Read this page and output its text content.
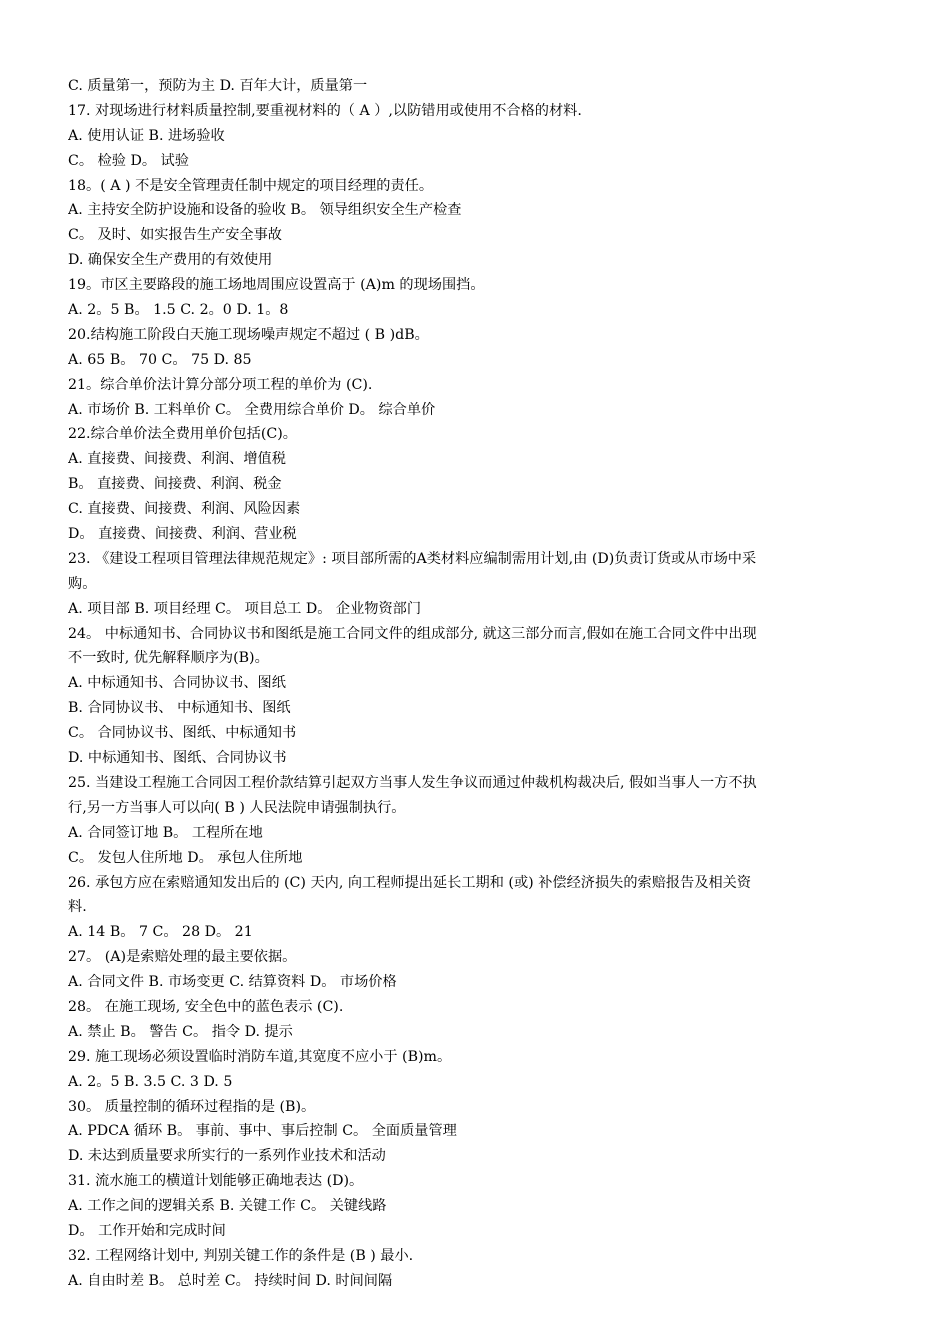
C. 质量第一，预防为主 D. 百年大计，质量第一
17. 对现场进行材料质量控制,要重视材料的（ A ）,以防错用或使用不合格的材料.
A. 使用认证 B. 进场验收
C。 检验 D。 试验
18。( A ) 不是安全管理责任制中规定的项目经理的责任。
A. 主持安全防护设施和设备的验收 B。 领导组织安全生产检查
C。 及时、如实报告生产安全事故
D. 确保安全生产费用的有效使用
19。市区主要路段的施工场地周围应设置高于 (A)m 的现场围挡。
A. 2。5 B。 1.5 C. 2。0 D. 1。8
20.结构施工阶段白天施工现场噪声规定不超过 ( B )dB。
A. 65 B。 70 C。 75 D. 85
21。综合单价法计算分部分项工程的单价为 (C).
A. 市场价 B. 工料单价 C。 全费用综合单价 D。 综合单价
22.综合单价法全费用单价包括(C)。
A. 直接费、间接费、利润、增值税
B。 直接费、间接费、利润、税金
C. 直接费、间接费、利润、风险因素
D。 直接费、间接费、利润、营业税
23. 《建设工程项目管理法律规范规定》: 项目部所需的A类材料应编制需用计划,由 (D)负责订货或从市场中采
购。
A. 项目部 B. 项目经理 C。 项目总工 D。 企业物资部门
24。 中标通知书、合同协议书和图纸是施工合同文件的组成部分, 就这三部分而言,假如在施工合同文件中出现
不一致时, 优先解释顺序为(B)。
A. 中标通知书、合同协议书、图纸
B. 合同协议书、 中标通知书、图纸
C。 合同协议书、图纸、中标通知书
D. 中标通知书、图纸、合同协议书
25. 当建设工程施工合同因工程价款结算引起双方当事人发生争议而通过仲裁机构裁决后, 假如当事人一方不执
行,另一方当事人可以向( B ) 人民法院申请强制执行。
A. 合同签订地 B。 工程所在地
C。 发包人住所地 D。 承包人住所地
26. 承包方应在索赔通知发出后的 (C) 天内, 向工程师提出延长工期和 (或) 补偿经济损失的索赔报告及相关资
料.
A. 14 B。 7 C。 28 D。 21
27。 (A)是索赔处理的最主要依据。
A. 合同文件 B. 市场变更 C. 结算资料 D。 市场价格
28。 在施工现场, 安全色中的蓝色表示 (C).
A. 禁止 B。 警告 C。 指令 D. 提示
29. 施工现场必须设置临时消防车道,其宽度不应小于 (B)m。
A. 2。5 B. 3.5 C. 3 D. 5
30。 质量控制的循环过程指的是 (B)。
A. PDCA 循环 B。 事前、事中、事后控制 C。 全面质量管理
D. 未达到质量要求所实行的一系列作业技术和活动
31. 流水施工的横道计划能够正确地表达 (D)。
A. 工作之间的逻辑关系 B. 关键工作 C。 关键线路
D。 工作开始和完成时间
32. 工程网络计划中, 判别关键工作的条件是 (B ) 最小.
A. 自由时差 B。 总时差 C。 持续时间 D. 时间间隔
